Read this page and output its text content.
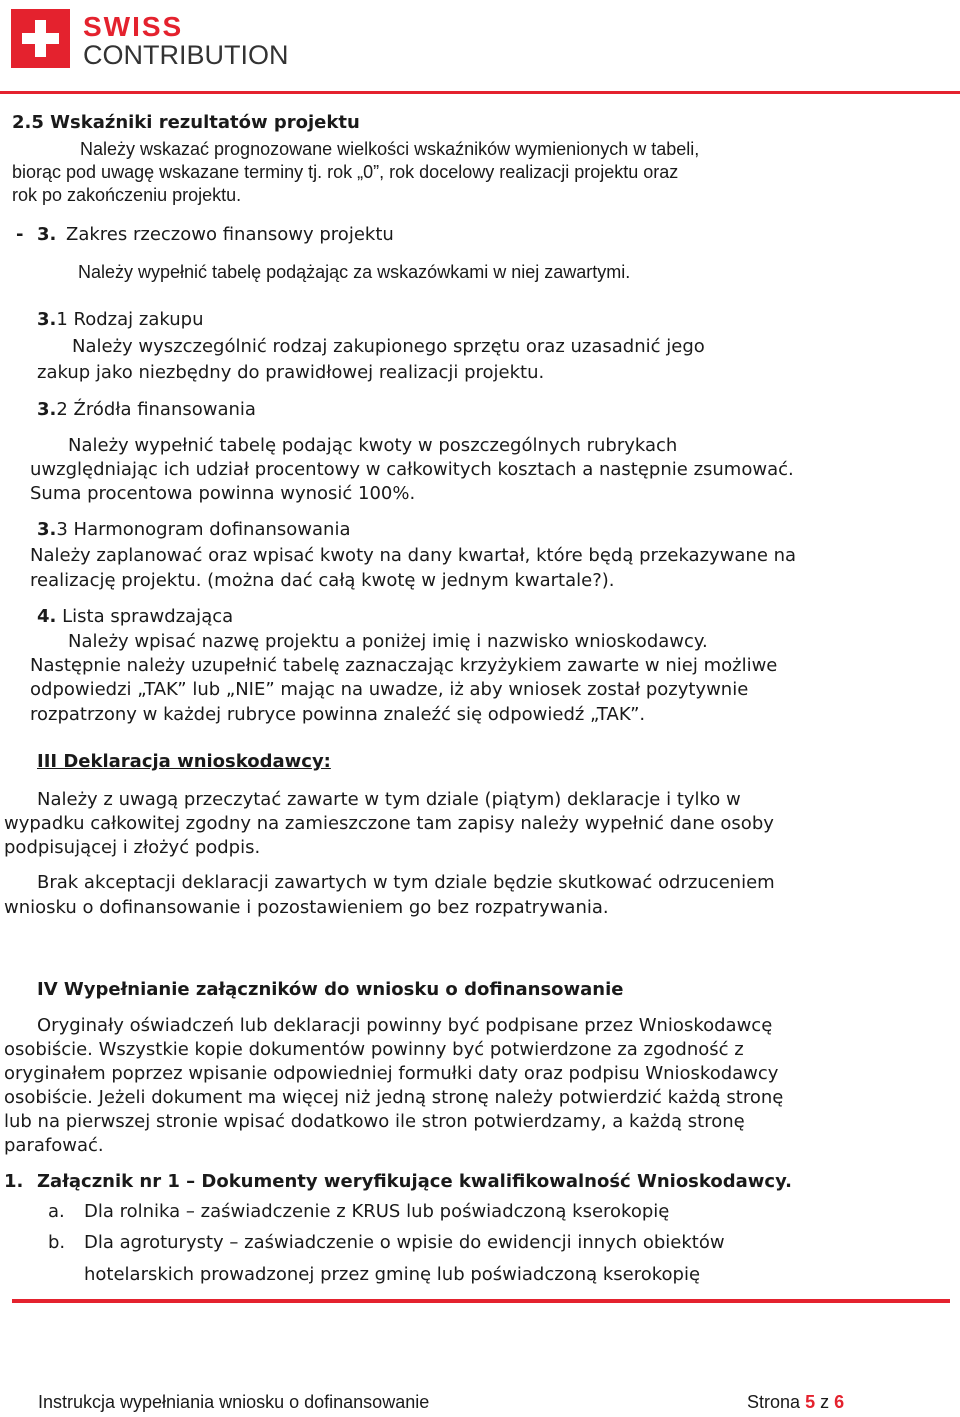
SWISS
CONTRIBUTION
2.5 Wskaźniki rezultatów projektu
Należy wskazać prognozowane wielkości wskaźników wymienionych w tabeli,
biorąc pod uwagę wskazane terminy tj. rok „0”, rok docelowy realizacji projektu oraz
rok po zakończeniu projektu.
- 3. Zakres rzeczowo finansowy projektu
Należy wypełnić tabelę podążając za wskazówkami w niej zawartymi.
3.1 Rodzaj zakupu
Należy wyszczególnić rodzaj zakupionego sprzętu oraz uzasadnić jego
zakup jako niezbędny do prawidłowej realizacji projektu.
3.2 Źródła finansowania
Należy wypełnić tabelę podając kwoty w poszczególnych rubrykach
uwzględniając ich udział procentowy w całkowitych kosztach a następnie zsumować.
Suma procentowa powinna wynosić 100%.
3.3 Harmonogram dofinansowania
Należy zaplanować oraz wpisać kwoty na dany kwartał, które będą przekazywane na
realizację projektu. (można dać całą kwotę w jednym kwartale?).
4. Lista sprawdzająca
Należy wpisać nazwę projektu a poniżej imię i nazwisko wnioskodawcy.
Następnie należy uzupełnić tabelę zaznaczając krzyżykiem zawarte w niej możliwe
odpowiedzi „TAK” lub „NIE” mając na uwadze, iż aby wniosek został pozytywnie
rozpatrzony w każdej rubryce powinna znaleźć się odpowiedź „TAK”.
III Deklaracja wnioskodawcy:
Należy z uwagą przeczytać zawarte w tym dziale (piątym) deklaracje i tylko w
wypadku całkowitej zgodny na zamieszczone tam zapisy należy wypełnić dane osoby
podpisującej i złożyć podpis.
Brak akceptacji deklaracji zawartych w tym dziale będzie skutkować odrzuceniem
wniosku o dofinansowanie i pozostawieniem go bez rozpatrywania.
IV Wypełnianie załączników do wniosku o dofinansowanie
Oryginały oświadczeń lub deklaracji powinny być podpisane przez Wnioskodawcę
osobiście. Wszystkie kopie dokumentów powinny być potwierdzone za zgodność z
oryginałem poprzez wpisanie odpowiedniej formułki daty oraz podpisu Wnioskodawcy
osobiście. Jeżeli dokument ma więcej niż jedną stronę należy potwierdzić każdą stronę
lub na pierwszej stronie wpisać dodatkowo ile stron potwierdzamy, a każdą stronę
parafować.
1. Załącznik nr 1 – Dokumenty weryfikujące kwalifikowalność Wnioskodawcy.
a. Dla rolnika – zaświadczenie z KRUS lub poświadczoną kserokopię
b. Dla agroturysty – zaświadczenie o wpisie do ewidencji innych obiektów
hotelarskich prowadzonej przez gminę lub poświadczoną kserokopię
Instrukcja wypełniania wniosku o dofinansowanie	Strona 5 z 6
